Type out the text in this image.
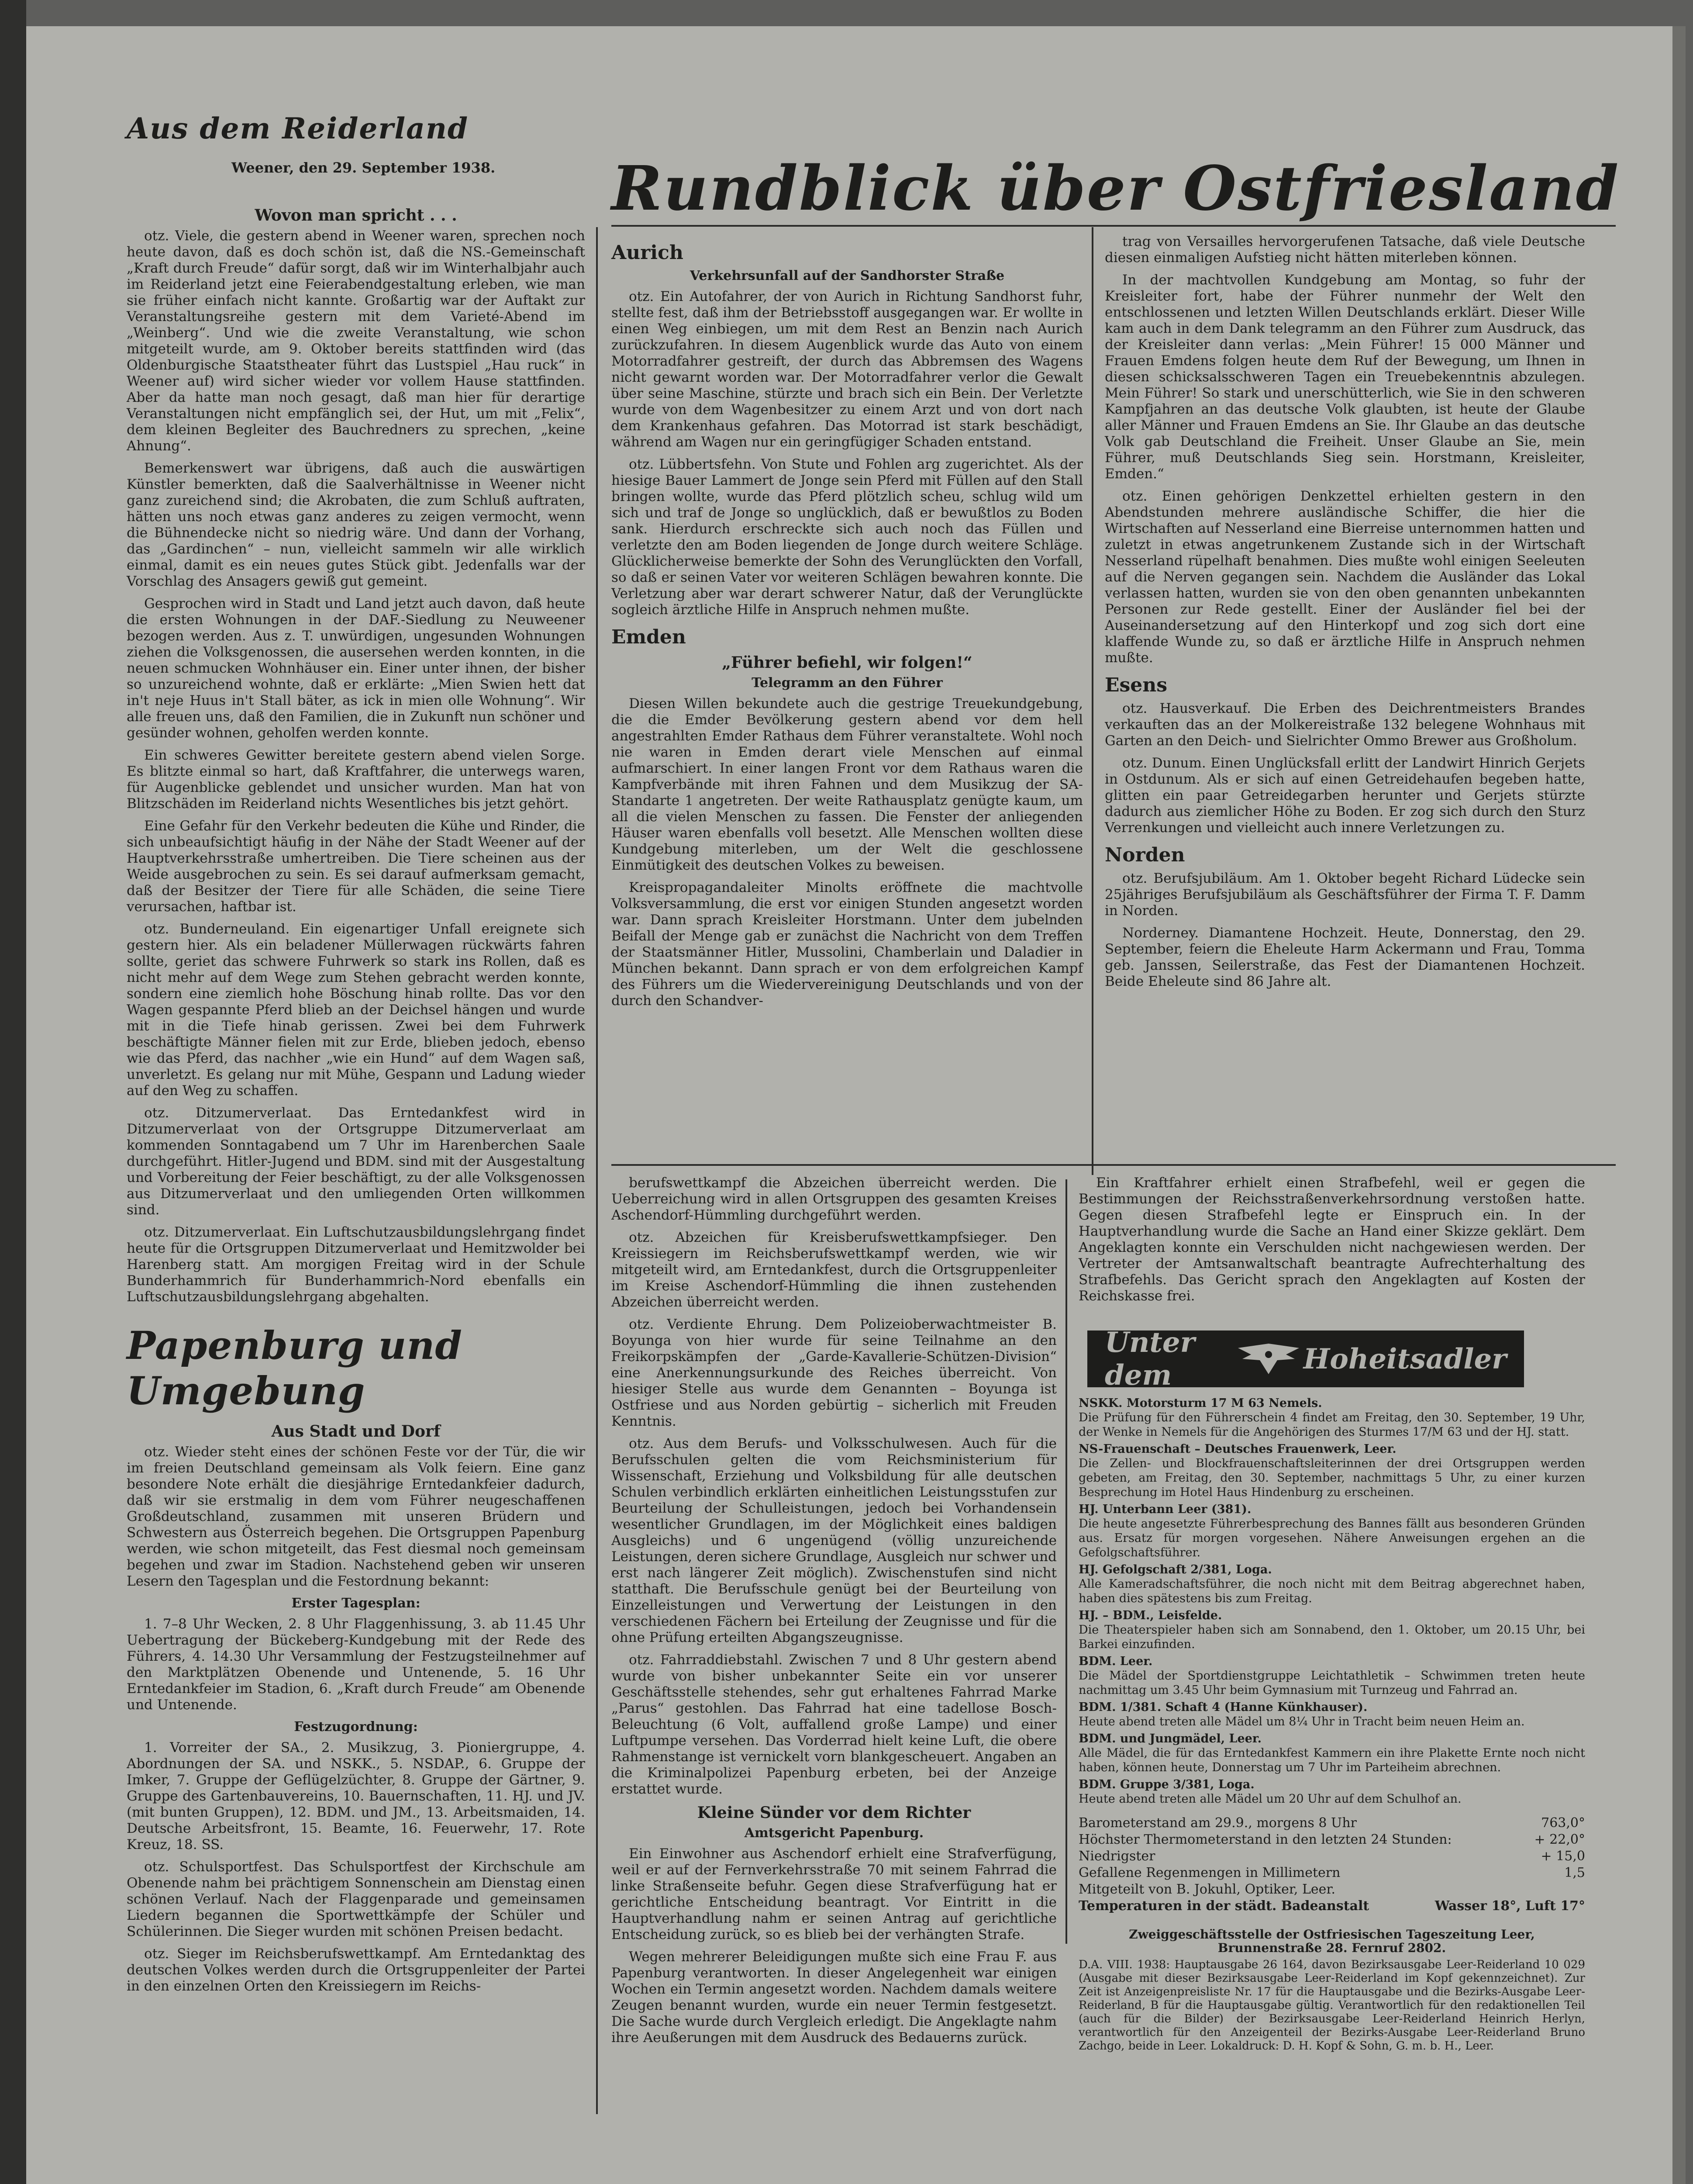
Aus dem Reiderland
Weener, den 29. September 1938. Rundblick über Ostfriesland
Wovon man spricht . . .

otz. Viele, die gestern abend in Weener waren, sprechen noch heute davon, daß es doch schön ist, daß die NS.-Gemeinschaft „Kraft durch Freude“ dafür sorgt, daß wir im Winterhalbjahr auch im Reiderland jetzt eine Feierabendgestaltung erleben, wie man sie früher einfach nicht kannte. Großartig war der Auftakt zur Veranstaltungsreihe gestern mit dem Varieté-Abend im „Weinberg“. Und wie die zweite Veranstaltung, wie schon mitgeteilt wurde, am 9. Oktober bereits stattfinden wird (das Oldenburgische Staatstheater führt das Lustspiel „Hau ruck“ in Weener auf) wird sicher wieder vor vollem Hause stattfinden. Aber da hatte man noch gesagt, daß man hier für derartige Veranstaltungen nicht empfänglich sei, der Hut, um mit „Felix“, dem kleinen Begleiter des Bauchredners zu sprechen, „keine Ahnung“.

Bemerkenswert war übrigens, daß auch die auswärtigen Künstler bemerkten, daß die Saalverhältnisse in Weener nicht ganz zureichend sind; die Akrobaten, die zum Schluß auftraten, hätten uns noch etwas ganz anderes zu zeigen vermocht, wenn die Bühnendecke nicht so niedrig wäre. Und dann der Vorhang, das „Gardinchen“ – nun, vielleicht sammeln wir alle wirklich einmal, damit es ein neues gutes Stück gibt. Jedenfalls war der Vorschlag des Ansagers gewiß gut gemeint.

Gesprochen wird in Stadt und Land jetzt auch davon, daß heute die ersten Wohnungen in der DAF.-Siedlung zu Neuweener bezogen werden. Aus z. T. unwürdigen, ungesunden Wohnungen ziehen die Volksgenossen, die ausersehen werden konnten, in die neuen schmucken Wohnhäuser ein. Einer unter ihnen, der bisher so unzureichend wohnte, daß er erklärte: „Mien Swien hett dat in't neje Huus in't Stall bäter, as ick in mien olle Wohnung“. Wir alle freuen uns, daß den Familien, die in Zukunft nun schöner und gesünder wohnen, geholfen werden konnte.

Ein schweres Gewitter bereitete gestern abend vielen Sorge. Es blitzte einmal so hart, daß Kraftfahrer, die unterwegs waren, für Augenblicke geblendet und unsicher wurden. Man hat von Blitzschäden im Reiderland nichts Wesentliches bis jetzt gehört.

Eine Gefahr für den Verkehr bedeuten die Kühe und Rinder, die sich unbeaufsichtigt häufig in der Nähe der Stadt Weener auf der Hauptverkehrsstraße umhertreiben. Die Tiere scheinen aus der Weide ausgebrochen zu sein. Es sei darauf aufmerksam gemacht, daß der Besitzer der Tiere für alle Schäden, die seine Tiere verursachen, haftbar ist.

otz. Bunderneuland. Ein eigenartiger Unfall ereignete sich gestern hier. Als ein beladener Müllerwagen rückwärts fahren sollte, geriet das schwere Fuhrwerk so stark ins Rollen, daß es nicht mehr auf dem Wege zum Stehen gebracht werden konnte, sondern eine ziemlich hohe Böschung hinab rollte. Das vor den Wagen gespannte Pferd blieb an der Deichsel hängen und wurde mit in die Tiefe hinab gerissen. Zwei bei dem Fuhrwerk beschäftigte Männer fielen mit zur Erde, blieben jedoch, ebenso wie das Pferd, das nachher „wie ein Hund“ auf dem Wagen saß, unverletzt. Es gelang nur mit Mühe, Gespann und Ladung wieder auf den Weg zu schaffen.

otz. Ditzumerverlaat. Das Erntedankfest wird in Ditzumerverlaat von der Ortsgruppe Ditzumerverlaat am kommenden Sonntagabend um 7 Uhr im Harenberchen Saale durchgeführt. Hitler-Jugend und BDM. sind mit der Ausgestaltung und Vorbereitung der Feier beschäftigt, zu der alle Volksgenossen aus Ditzumerverlaat und den umliegenden Orten willkommen sind.

otz. Ditzumerverlaat. Ein Luftschutzausbildungslehrgang findet heute für die Ortsgruppen Ditzumerverlaat und Hemitzwolder bei Harenberg statt. Am morgigen Freitag wird in der Schule Bunderhammrich für Bunderhammrich-Nord ebenfalls ein Luftschutzausbildungslehrgang abgehalten.

Papenburg und Umgebung
Aus Stadt und Dorf

otz. Wieder steht eines der schönen Feste vor der Tür, die wir im freien Deutschland gemeinsam als Volk feiern. Eine ganz besondere Note erhält die diesjährige Erntedankfeier dadurch, daß wir sie erstmalig in dem vom Führer neugeschaffenen Großdeutschland, zusammen mit unseren Brüdern und Schwestern aus Österreich begehen. Die Ortsgruppen Papenburg werden, wie schon mitgeteilt, das Fest diesmal noch gemeinsam begehen und zwar im Stadion. Nachstehend geben wir unseren Lesern den Tagesplan und die Festordnung bekannt:

Erster Tagesplan:

1. 7–8 Uhr Wecken, 2. 8 Uhr Flaggenhissung, 3. ab 11.45 Uhr Uebertragung der Bückeberg-Kundgebung mit der Rede des Führers, 4. 14.30 Uhr Versammlung der Festzugsteilnehmer auf den Marktplätzen Obenende und Untenende, 5. 16 Uhr Erntedankfeier im Stadion, 6. „Kraft durch Freude“ am Obenende und Untenende.

Festzugordnung:

1. Vorreiter der SA., 2. Musikzug, 3. Pioniergruppe, 4. Abordnungen der SA. und NSKK., 5. NSDAP., 6. Gruppe der Imker, 7. Gruppe der Geflügelzüchter, 8. Gruppe der Gärtner, 9. Gruppe des Gartenbauvereins, 10. Bauernschaften, 11. HJ. und JV. (mit bunten Gruppen), 12. BDM. und JM., 13. Arbeitsmaiden, 14. Deutsche Arbeitsfront, 15. Beamte, 16. Feuerwehr, 17. Rote Kreuz, 18. SS.

otz. Schulsportfest. Das Schulsportfest der Kirchschule am Obenende nahm bei prächtigem Sonnenschein am Dienstag einen schönen Verlauf. Nach der Flaggenparade und gemeinsamen Liedern begannen die Sportwettkämpfe der Schüler und Schülerinnen. Die Sieger wurden mit schönen Preisen bedacht.

otz. Sieger im Reichsberufswettkampf. Am Erntedanktag des deutschen Volkes werden durch die Ortsgruppenleiter der Partei in den einzelnen Orten den Kreissiegern im Reichs-

Aurich
Verkehrsunfall auf der Sandhorster Straße

otz. Ein Autofahrer, der von Aurich in Richtung Sandhorst fuhr, stellte fest, daß ihm der Betriebsstoff ausgegangen war. Er wollte in einen Weg einbiegen, um mit dem Rest an Benzin nach Aurich zurückzufahren. In diesem Augenblick wurde das Auto von einem Motorradfahrer gestreift, der durch das Abbremsen des Wagens nicht gewarnt worden war. Der Motorradfahrer verlor die Gewalt über seine Maschine, stürzte und brach sich ein Bein. Der Verletzte wurde von dem Wagenbesitzer zu einem Arzt und von dort nach dem Krankenhaus gefahren. Das Motorrad ist stark beschädigt, während am Wagen nur ein geringfügiger Schaden entstand.

otz. Lübbertsfehn. Von Stute und Fohlen arg zugerichtet. Als der hiesige Bauer Lammert de Jonge sein Pferd mit Füllen auf den Stall bringen wollte, wurde das Pferd plötzlich scheu, schlug wild um sich und traf de Jonge so unglücklich, daß er bewußtlos zu Boden sank. Hierdurch erschreckte sich auch noch das Füllen und verletzte den am Boden liegenden de Jonge durch weitere Schläge. Glücklicherweise bemerkte der Sohn des Verunglückten den Vorfall, so daß er seinen Vater vor weiteren Schlägen bewahren konnte. Die Verletzung aber war derart schwerer Natur, daß der Verunglückte sogleich ärztliche Hilfe in Anspruch nehmen mußte.

Emden
„Führer befiehl, wir folgen!“
Telegramm an den Führer

Diesen Willen bekundete auch die gestrige Treuekundgebung, die die Emder Bevölkerung gestern abend vor dem hell angestrahlten Emder Rathaus dem Führer veranstaltete. Wohl noch nie waren in Emden derart viele Menschen auf einmal aufmarschiert. In einer langen Front vor dem Rathaus waren die Kampfverbände mit ihren Fahnen und dem Musikzug der SA-Standarte 1 angetreten. Der weite Rathausplatz genügte kaum, um all die vielen Menschen zu fassen. Die Fenster der anliegenden Häuser waren ebenfalls voll besetzt. Alle Menschen wollten diese Kundgebung miterleben, um der Welt die geschlossene Einmütigkeit des deutschen Volkes zu beweisen.

Kreispropagandaleiter Minolts eröffnete die machtvolle Volksversammlung, die erst vor einigen Stunden angesetzt worden war. Dann sprach Kreisleiter Horstmann. Unter dem jubelnden Beifall der Menge gab er zunächst die Nachricht von dem Treffen der Staatsmänner Hitler, Mussolini, Chamberlain und Daladier in München bekannt. Dann sprach er von dem erfolgreichen Kampf des Führers um die Wiedervereinigung Deutschlands und von der durch den Schandver-

trag von Versailles hervorgerufenen Tatsache, daß viele Deutsche diesen einmaligen Aufstieg nicht hätten miterleben können.

In der machtvollen Kundgebung am Montag, so fuhr der Kreisleiter fort, habe der Führer nunmehr der Welt den entschlossenen und letzten Willen Deutschlands erklärt. Dieser Wille kam auch in dem Dank telegramm an den Führer zum Ausdruck, das der Kreisleiter dann verlas: „Mein Führer! 15 000 Männer und Frauen Emdens folgen heute dem Ruf der Bewegung, um Ihnen in diesen schicksalsschweren Tagen ein Treuebekenntnis abzulegen. Mein Führer! So stark und unerschütterlich, wie Sie in den schweren Kampfjahren an das deutsche Volk glaubten, ist heute der Glaube aller Männer und Frauen Emdens an Sie. Ihr Glaube an das deutsche Volk gab Deutschland die Freiheit. Unser Glaube an Sie, mein Führer, muß Deutschlands Sieg sein. Horstmann, Kreisleiter, Emden.“

otz. Einen gehörigen Denkzettel erhielten gestern in den Abendstunden mehrere ausländische Schiffer, die hier die Wirtschaften auf Nesserland eine Bierreise unternommen hatten und zuletzt in etwas angetrunkenem Zustande sich in der Wirtschaft Nesserland rüpelhaft benahmen. Dies mußte wohl einigen Seeleuten auf die Nerven gegangen sein. Nachdem die Ausländer das Lokal verlassen hatten, wurden sie von den oben genannten unbekannten Personen zur Rede gestellt. Einer der Ausländer fiel bei der Auseinandersetzung auf den Hinterkopf und zog sich dort eine klaffende Wunde zu, so daß er ärztliche Hilfe in Anspruch nehmen mußte.

Esens

otz. Hausverkauf. Die Erben des Deichrentmeisters Brandes verkauften das an der Molkereistraße 132 belegene Wohnhaus mit Garten an den Deich- und Sielrichter Ommo Brewer aus Großholum.

otz. Dunum. Einen Unglücksfall erlitt der Landwirt Hinrich Gerjets in Ostdunum. Als er sich auf einen Getreidehaufen begeben hatte, glitten ein paar Getreidegarben herunter und Gerjets stürzte dadurch aus ziemlicher Höhe zu Boden. Er zog sich durch den Sturz Verrenkungen und vielleicht auch innere Verletzungen zu.

Norden

otz. Berufsjubiläum. Am 1. Oktober begeht Richard Lüdecke sein 25jähriges Berufsjubiläum als Geschäftsführer der Firma T. F. Damm in Norden.

Norderney. Diamantene Hochzeit. Heute, Donnerstag, den 29. September, feiern die Eheleute Harm Ackermann und Frau, Tomma geb. Janssen, Seilerstraße, das Fest der Diamantenen Hochzeit. Beide Eheleute sind 86 Jahre alt.

berufswettkampf die Abzeichen überreicht werden. Die Ueberreichung wird in allen Ortsgruppen des gesamten Kreises Aschendorf-Hümmling durchgeführt werden.

otz. Abzeichen für Kreisberufswettkampfsieger. Den Kreissiegern im Reichsberufswettkampf werden, wie wir mitgeteilt wird, am Erntedankfest, durch die Ortsgruppenleiter im Kreise Aschendorf-Hümmling die ihnen zustehenden Abzeichen überreicht werden.

otz. Verdiente Ehrung. Dem Polizeioberwachtmeister B. Boyunga von hier wurde für seine Teilnahme an den Freikorpskämpfen der „Garde-Kavallerie-Schützen-Division“ eine Anerkennungsurkunde des Reiches überreicht. Von hiesiger Stelle aus wurde dem Genannten – Boyunga ist Ostfriese und aus Norden gebürtig – sicherlich mit Freuden Kenntnis.

otz. Aus dem Berufs- und Volksschulwesen. Auch für die Berufsschulen gelten die vom Reichsministerium für Wissenschaft, Erziehung und Volksbildung für alle deutschen Schulen verbindlich erklärten einheitlichen Leistungsstufen zur Beurteilung der Schulleistungen, jedoch bei Vorhandensein wesentlicher Grundlagen, im der Möglichkeit eines baldigen Ausgleichs) und 6 ungenügend (völlig unzureichende Leistungen, deren sichere Grundlage, Ausgleich nur schwer und erst nach längerer Zeit möglich). Zwischenstufen sind nicht statthaft. Die Berufsschule genügt bei der Beurteilung von Einzelleistungen und Verwertung der Leistungen in den verschiedenen Fächern bei Erteilung der Zeugnisse und für die ohne Prüfung erteilten Abgangszeugnisse.

otz. Fahrraddiebstahl. Zwischen 7 und 8 Uhr gestern abend wurde von bisher unbekannter Seite ein vor unserer Geschäftsstelle stehendes, sehr gut erhaltenes Fahrrad Marke „Parus“ gestohlen. Das Fahrrad hat eine tadellose Bosch-Beleuchtung (6 Volt, auffallend große Lampe) und einer Luftpumpe versehen. Das Vorderrad hielt keine Luft, die obere Rahmenstange ist vernickelt vorn blankgescheuert. Angaben an die Kriminalpolizei Papenburg erbeten, bei der Anzeige erstattet wurde.

Kleine Sünder vor dem Richter
Amtsgericht Papenburg.

Ein Einwohner aus Aschendorf erhielt eine Strafverfügung, weil er auf der Fernverkehrsstraße 70 mit seinem Fahrrad die linke Straßenseite befuhr. Gegen diese Strafverfügung hat er gerichtliche Entscheidung beantragt. Vor Eintritt in die Hauptverhandlung nahm er seinen Antrag auf gerichtliche Entscheidung zurück, so es blieb bei der verhängten Strafe.

Wegen mehrerer Beleidigungen mußte sich eine Frau F. aus Papenburg verantworten. In dieser Angelegenheit war einigen Wochen ein Termin angesetzt worden. Nachdem damals weitere Zeugen benannt wurden, wurde ein neuer Termin festgesetzt. Die Sache wurde durch Vergleich erledigt. Die Angeklagte nahm ihre Aeußerungen mit dem Ausdruck des Bedauerns zurück.

Ein Kraftfahrer erhielt einen Strafbefehl, weil er gegen die Bestimmungen der Reichsstraßenverkehrsordnung verstoßen hatte. Gegen diesen Strafbefehl legte er Einspruch ein. In der Hauptverhandlung wurde die Sache an Hand einer Skizze geklärt. Dem Angeklagten konnte ein Verschulden nicht nachgewiesen werden. Der Vertreter der Amtsanwaltschaft beantragte Aufrechterhaltung des Strafbefehls. Das Gericht sprach den Angeklagten auf Kosten der Reichskasse frei.

Unter dem	Hoheitsadler

NSKK. Motorsturm 17 M 63 Nemels.

Die Prüfung für den Führerschein 4 findet am Freitag, den 30. September, 19 Uhr, der Wenke in Nemels für die Angehörigen des Sturmes 17/M 63 und der HJ. statt.

NS-Frauenschaft – Deutsches Frauenwerk, Leer.

Die Zellen- und Blockfrauenschaftsleiterinnen der drei Ortsgruppen werden gebeten, am Freitag, den 30. September, nachmittags 5 Uhr, zu einer kurzen Besprechung im Hotel Haus Hindenburg zu erscheinen.

HJ. Unterbann Leer (381).

Die heute angesetzte Führerbesprechung des Bannes fällt aus besonderen Gründen aus. Ersatz für morgen vorgesehen. Nähere Anweisungen ergehen an die Gefolgschaftsführer.

HJ. Gefolgschaft 2/381, Loga.

Alle Kameradschaftsführer, die noch nicht mit dem Beitrag abgerechnet haben, haben dies spätestens bis zum Freitag.

HJ. – BDM., Leisfelde.

Die Theaterspieler haben sich am Sonnabend, den 1. Oktober, um 20.15 Uhr, bei Barkei einzufinden.

BDM. Leer.

Die Mädel der Sportdienstgruppe Leichtathletik – Schwimmen treten heute nachmittag um 3.45 Uhr beim Gymnasium mit Turnzeug und Fahrrad an.

BDM. 1/381. Schaft 4 (Hanne Künkhauser).

Heute abend treten alle Mädel um 8¼ Uhr in Tracht beim neuen Heim an.

BDM. und Jungmädel, Leer.

Alle Mädel, die für das Erntedankfest Kammern ein ihre Plakette Ernte noch nicht haben, können heute, Donnerstag um 7 Uhr im Parteiheim abrechnen.

BDM. Gruppe 3/381, Loga.

Heute abend treten alle Mädel um 20 Uhr auf dem Schulhof an.

Barometerstand am 29.9., morgens 8 Uhr	763,0°
Höchster Thermometerstand in den letzten 24 Stunden:	+ 22,0°
Niedrigster	+ 15,0
Gefallene Regenmengen in Millimetern	1,5
Mitgeteilt von B. Jokuhl, Optiker, Leer.
Temperaturen in der städt. Badeanstalt	Wasser 18°, Luft 17°
Zweiggeschäftsstelle der Ostfriesischen Tageszeitung Leer, Brunnenstraße 28. Fernruf 2802.
D.A. VIII. 1938: Hauptausgabe 26 164, davon Bezirksausgabe Leer-Reiderland 10 029 (Ausgabe mit dieser Bezirksausgabe Leer-Reiderland im Kopf gekennzeichnet). Zur Zeit ist Anzeigenpreisliste Nr. 17 für die Hauptausgabe und die Bezirks-Ausgabe Leer-Reiderland, B für die Hauptausgabe gültig. Verantwortlich für den redaktionellen Teil (auch für die Bilder) der Bezirksausgabe Leer-Reiderland Heinrich Herlyn, verantwortlich für den Anzeigenteil der Bezirks-Ausgabe Leer-Reiderland Bruno Zachgo, beide in Leer. Lokaldruck: D. H. Kopf & Sohn, G. m. b. H., Leer.
